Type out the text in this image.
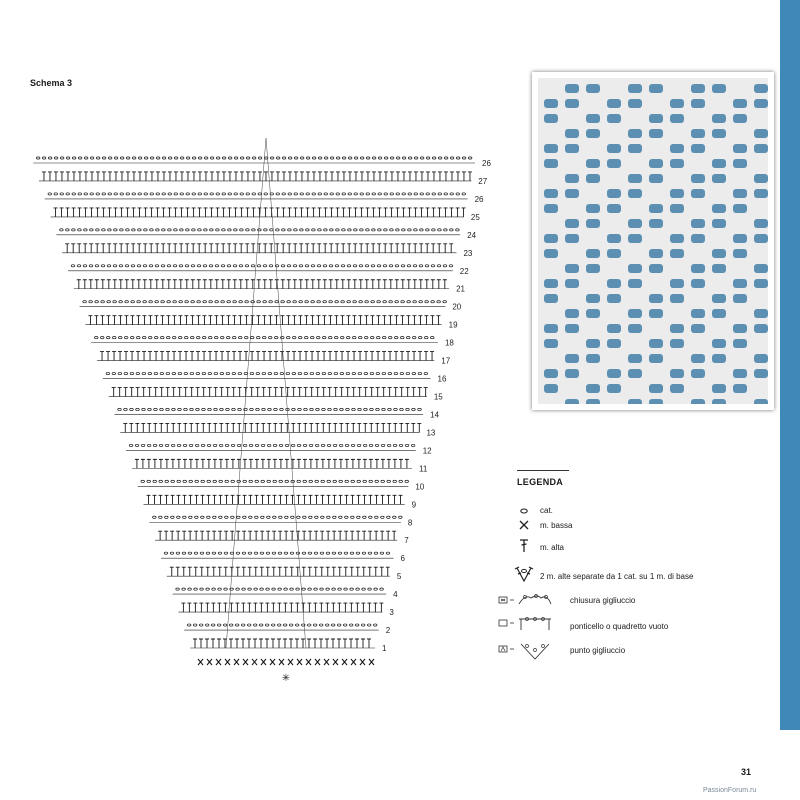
Schema 3
1
2
3
4
5
6
7
8
9
10
11
12
13
14
15
16
17
18
19
20
21
22
23
24
25
26
27
26
✳
LEGENDA
cat.
m. bassa
m. alta
2 m. alte separate da 1 cat. su 1 m. di base
chiusura gigliuccio
ponticello o quadretto vuoto
punto gigliuccio
31
PassionForum.ru
